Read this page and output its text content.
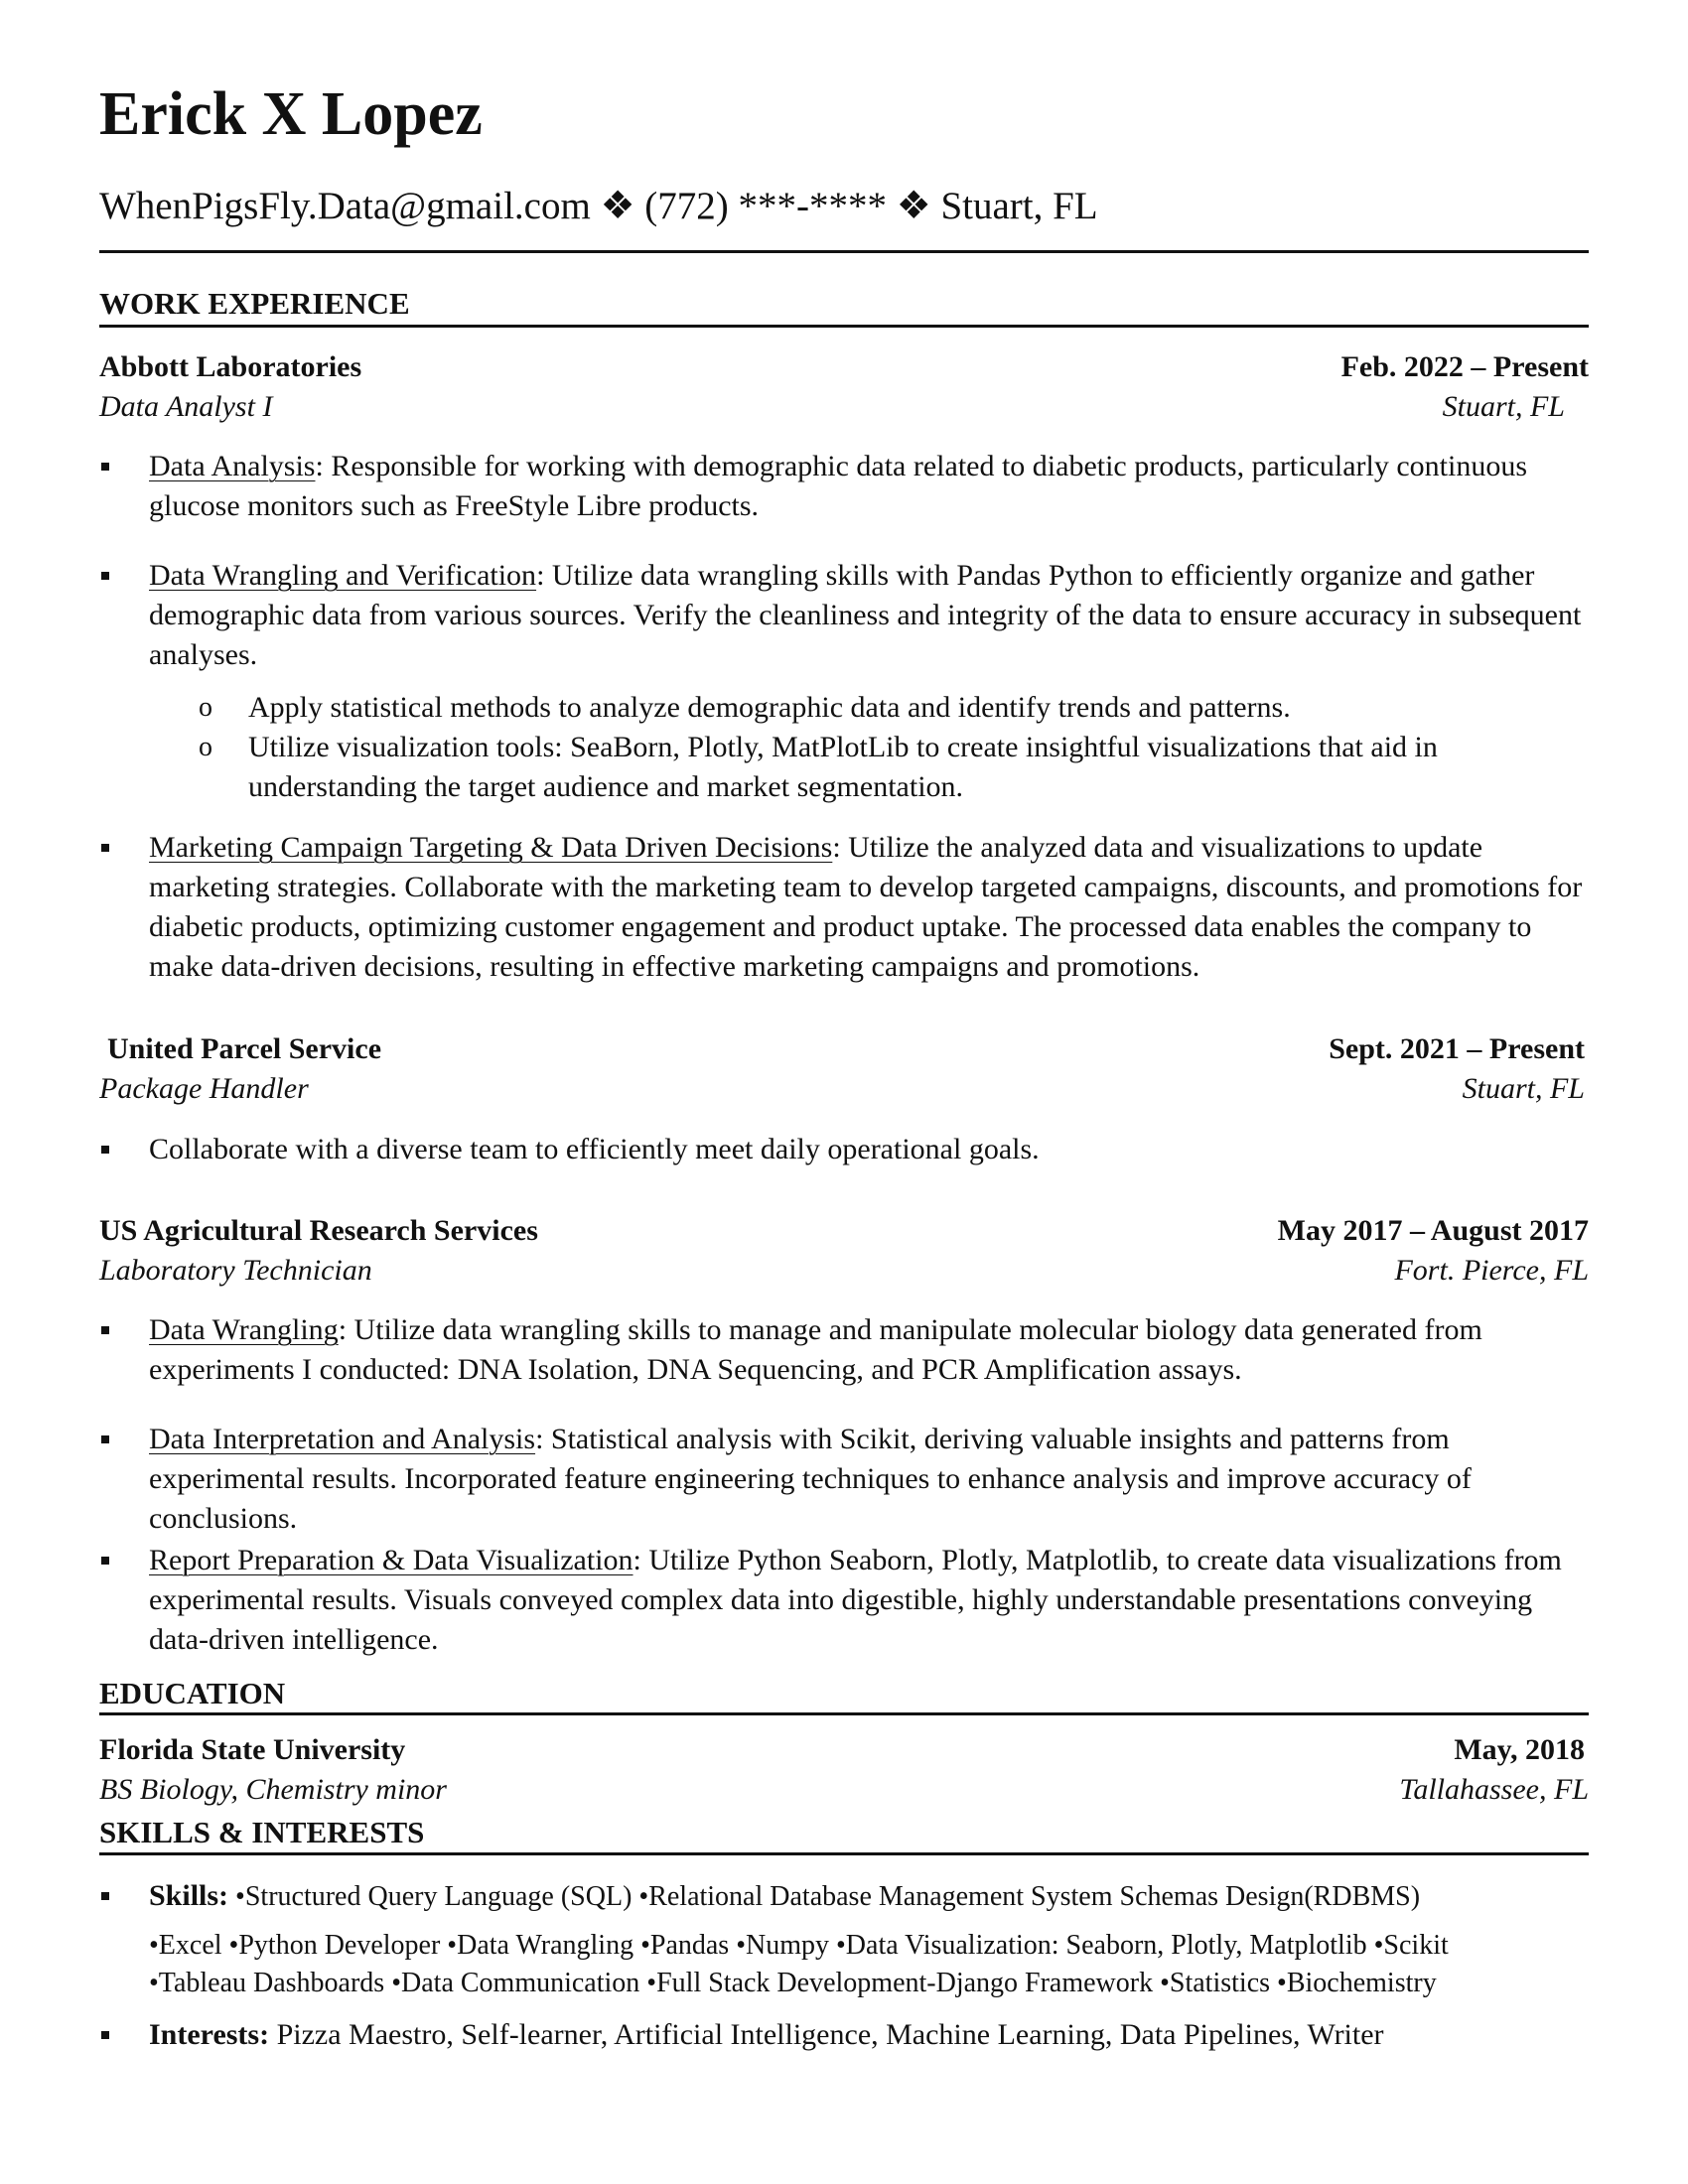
Erick X Lopez
WhenPigsFly.Data@gmail.com ❖ (772) ***-**** ❖ Stuart, FL
WORK EXPERIENCE
Abbott Laboratories	Feb. 2022 – Present
Data Analyst I	Stuart, FL
Data Analysis: Responsible for working with demographic data related to diabetic products, particularly continuous glucose monitors such as FreeStyle Libre products.
Data Wrangling and Verification: Utilize data wrangling skills with Pandas Python to efficiently organize and gather demographic data from various sources. Verify the cleanliness and integrity of the data to ensure accuracy in subsequent analyses.
o Apply statistical methods to analyze demographic data and identify trends and patterns.
o Utilize visualization tools: SeaBorn, Plotly, MatPlotLib to create insightful visualizations that aid in understanding the target audience and market segmentation.
Marketing Campaign Targeting & Data Driven Decisions: Utilize the analyzed data and visualizations to update marketing strategies. Collaborate with the marketing team to develop targeted campaigns, discounts, and promotions for diabetic products, optimizing customer engagement and product uptake. The processed data enables the company to make data-driven decisions, resulting in effective marketing campaigns and promotions.
United Parcel Service	Sept. 2021 – Present
Package Handler	Stuart, FL
Collaborate with a diverse team to efficiently meet daily operational goals.
US Agricultural Research Services	May 2017 – August 2017
Laboratory Technician	Fort. Pierce, FL
Data Wrangling: Utilize data wrangling skills to manage and manipulate molecular biology data generated from experiments I conducted: DNA Isolation, DNA Sequencing, and PCR Amplification assays.
Data Interpretation and Analysis: Statistical analysis with Scikit, deriving valuable insights and patterns from experimental results. Incorporated feature engineering techniques to enhance analysis and improve accuracy of conclusions.
Report Preparation & Data Visualization: Utilize Python Seaborn, Plotly, Matplotlib, to create data visualizations from experimental results. Visuals conveyed complex data into digestible, highly understandable presentations conveying data-driven intelligence.
EDUCATION
Florida State University	May, 2018
BS Biology, Chemistry minor	Tallahassee, FL
SKILLS & INTERESTS
Skills: •Structured Query Language (SQL) •Relational Database Management System Schemas Design(RDBMS)
•Excel •Python Developer •Data Wrangling •Pandas •Numpy •Data Visualization: Seaborn, Plotly, Matplotlib •Scikit
•Tableau Dashboards •Data Communication •Full Stack Development-Django Framework •Statistics •Biochemistry
Interests: Pizza Maestro, Self-learner, Artificial Intelligence, Machine Learning, Data Pipelines, Writer
